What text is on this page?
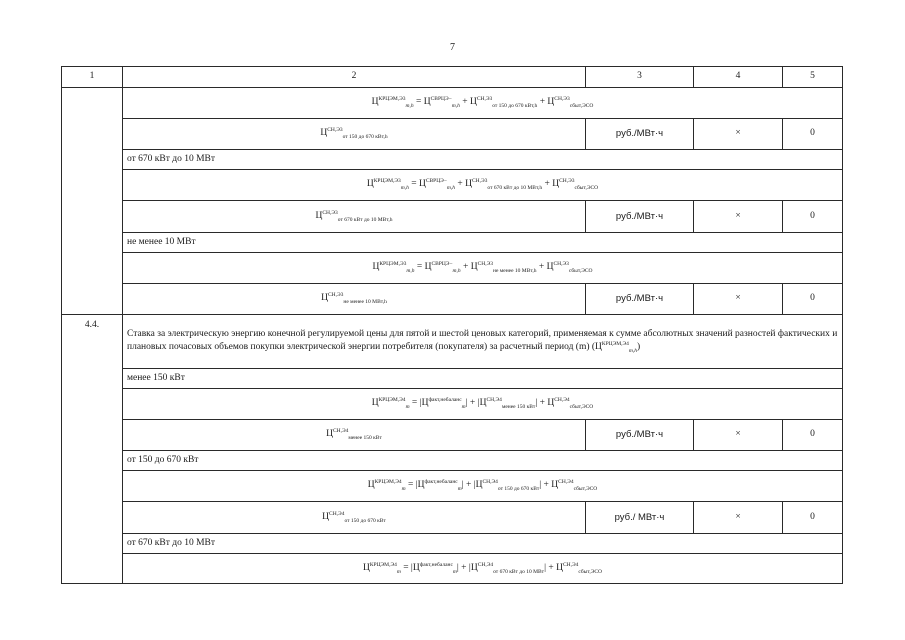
7
1	2	3	4	5
	$Ц^{КРЦЭМ,Э3}_{m,h} = Ц^{СВРЦЭ-}_{m,h} + Ц^{СН,Э3}_{от 150 до 670 кВт,h} + Ц^{СН,Э3}_{сбыт,ЭСО}$
	$Ц^{СН,Э3}_{от 150 до 670 кВт,h}$	руб./МВт·ч	×	0
	от 670 кВт до 10 МВт			
	$Ц^{КРЦЭМ,Э3}_{m,h} = Ц^{СВРЦЭ-}_{m,h} + Ц^{СН,Э3}_{от 670 кВт до 10 МВт,h} + Ц^{СН,Э3}_{сбыт,ЭСО}$
	$Ц^{СН,Э3}_{от 670 кВт до 10 МВт,h}$	руб./МВт·ч	×	0
	не менее 10 МВт			
	$Ц^{КРЦЭМ,Э3}_{m,h} = Ц^{СВРЦЭ-}_{m,h} + Ц^{СН,Э3}_{не менее 10 МВт,h} + Ц^{СН,Э3}_{сбыт,ЭСО}$
	$Ц^{СН,Э3}_{не менее 10 МВт,h}$	руб./МВт·ч	×	0
4.4.	Ставка за электрическую энергию конечной регулируемой цены для пятой и шестой ценовых категорий, применяемая к сумме абсолютных значений разностей фактических и плановых почасовых объемов покупки электрической энергии потребителя (покупателя) за расчетный период (m) $(Ц^{КРЦЭМ,Э4}_{m,h})$			
	менее 150 кВт			
	$Ц^{КРЦЭМ,Э4}_m = |Ц^{факт,небаланс}_m| + |Ц^{СН,Э4}_{менее 150 кВт}| + Ц^{СН,Э4}_{сбыт,ЭСО}$
	$Ц^{СН,Э4}_{менее 150 кВт}$	руб./МВт·ч	×	0
	от 150 до 670 кВт			
	$Ц^{КРЦЭМ,Э4}_m = |Ц^{факт,небаланс}_m| + |Ц^{СН,Э4}_{от 150 до 670 кВт}| + Ц^{СН,Э4}_{сбыт,ЭСО}$
	$Ц^{СН,Э4}_{от 150 до 670 кВт}$	руб./ МВт·ч	×	0
	от 670 кВт до 10 МВт			
	$Ц^{КРЦЭМ,Э4}_m = |Ц^{факт,небаланс}_m| + |Ц^{СН,Э4}_{от 670 кВт до 10 МВт}| + Ц^{СН,Э4}_{сбыт,ЭСО}$
